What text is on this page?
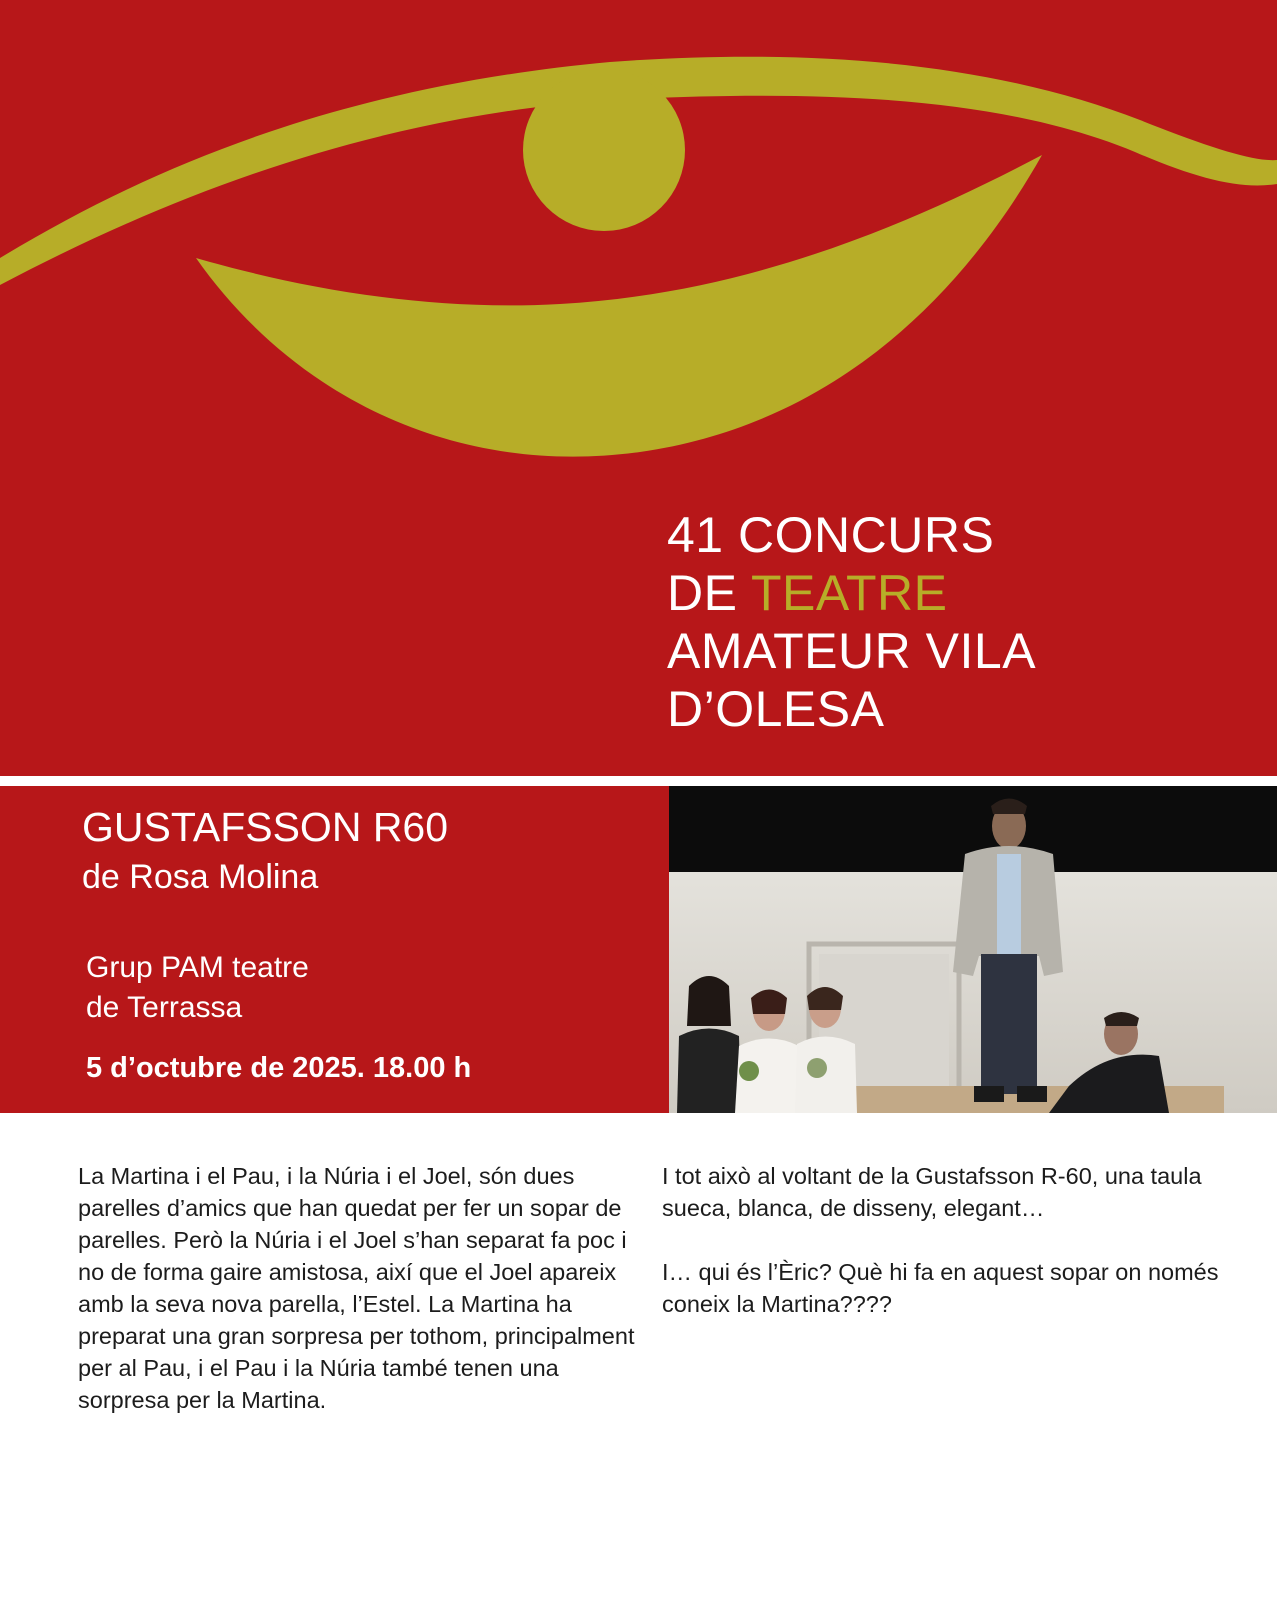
41 CONCURS
DE TEATRE
AMATEUR VILA
D’OLESA
GUSTAFSSON R60
de Rosa Molina
Grup PAM teatre
de Terrassa
5 d’octubre de 2025. 18.00 h

La Martina i el Pau, i la Núria i el Joel, són dues parelles d’amics que han quedat per fer un sopar de parelles. Però la Núria i el Joel s’han separat fa poc i no de forma gaire amistosa, així que el Joel apareix amb la seva nova parella, l’Estel. La Martina ha preparat una gran sorpresa per tothom, principalment per al Pau, i el Pau i la Núria també tenen una sorpresa per la Martina.

I tot això al voltant de la Gustafsson R-60, una taula sueca, blanca, de disseny, elegant…

I… qui és l’Èric? Què hi fa en aquest sopar on només coneix la Martina????
